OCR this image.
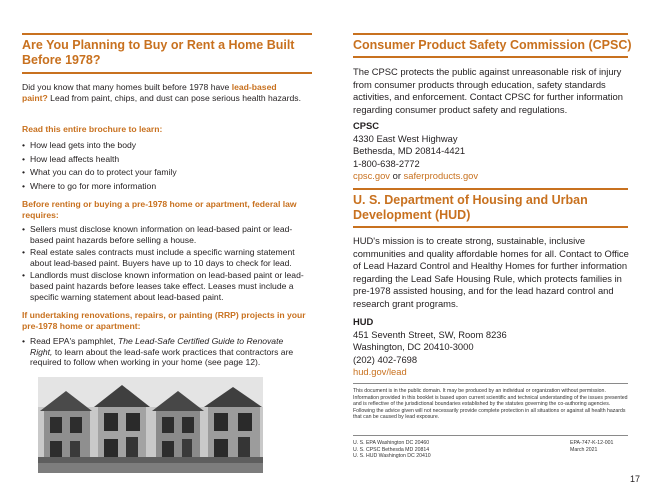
Are You Planning to Buy or Rent a Home Built
Before 1978?

Did you know that many homes built before 1978 have lead-based paint? Lead from paint, chips, and dust can pose serious health hazards.

Read this entire brochure to learn:
• How lead gets into the body
• How lead affects health
• What you can do to protect your family
• Where to go for more information
Before renting or buying a pre-1978 home or apartment, federal law requires:
• Sellers must disclose known information on lead-based paint or lead-based paint hazards before selling a house.
• Real estate sales contracts must include a specific warning statement about lead-based paint. Buyers have up to 10 days to check for lead.
• Landlords must disclose known information on lead-based paint or lead-based paint hazards before leases take effect. Leases must include a specific warning statement about lead-based paint.
If undertaking renovations, repairs, or painting (RRP) projects in your pre-1978 home or apartment:
• Read EPA's pamphlet, The Lead-Safe Certified Guide to Renovate Right, to learn about the lead-safe work practices that contractors are required to follow when working in your home (see page 12).
Consumer Product Safety Commission (CPSC)

The CPSC protects the public against unreasonable risk of injury from consumer products through education, safety standards activities, and enforcement. Contact CPSC for further information regarding consumer product safety and regulations.

CPSC
4330 East West Highway
Bethesda, MD 20814-4421
1-800-638-2772
cpsc.gov or saferproducts.gov
U. S. Department of Housing and Urban
Development (HUD)

HUD's mission is to create strong, sustainable, inclusive communities and quality affordable homes for all. Contact to Office of Lead Hazard Control and Healthy Homes for further information regarding the Lead Safe Housing Rule, which protects families in pre-1978 assisted housing, and for the lead hazard control and research grant programs.

HUD
451 Seventh Street, SW, Room 8236
Washington, DC 20410-3000
(202) 402-7698
hud.gov/lead

This document is in the public domain. It may be produced by an individual or organization without permission. Information provided in this booklet is based upon current scientific and technical understanding of the issues presented and is reflective of the jurisdictional boundaries established by the statutes governing the co-authoring agencies. Following the advice given will not necessarily provide complete protection in all situations or against all health hazards that can be caused by lead exposure.

U. S. EPA Washington DC 20460
U. S. CPSC Bethesda MD 20814
U. S. HUD Washington DC 20410
EPA-747-K-12-001
March 2021
17
